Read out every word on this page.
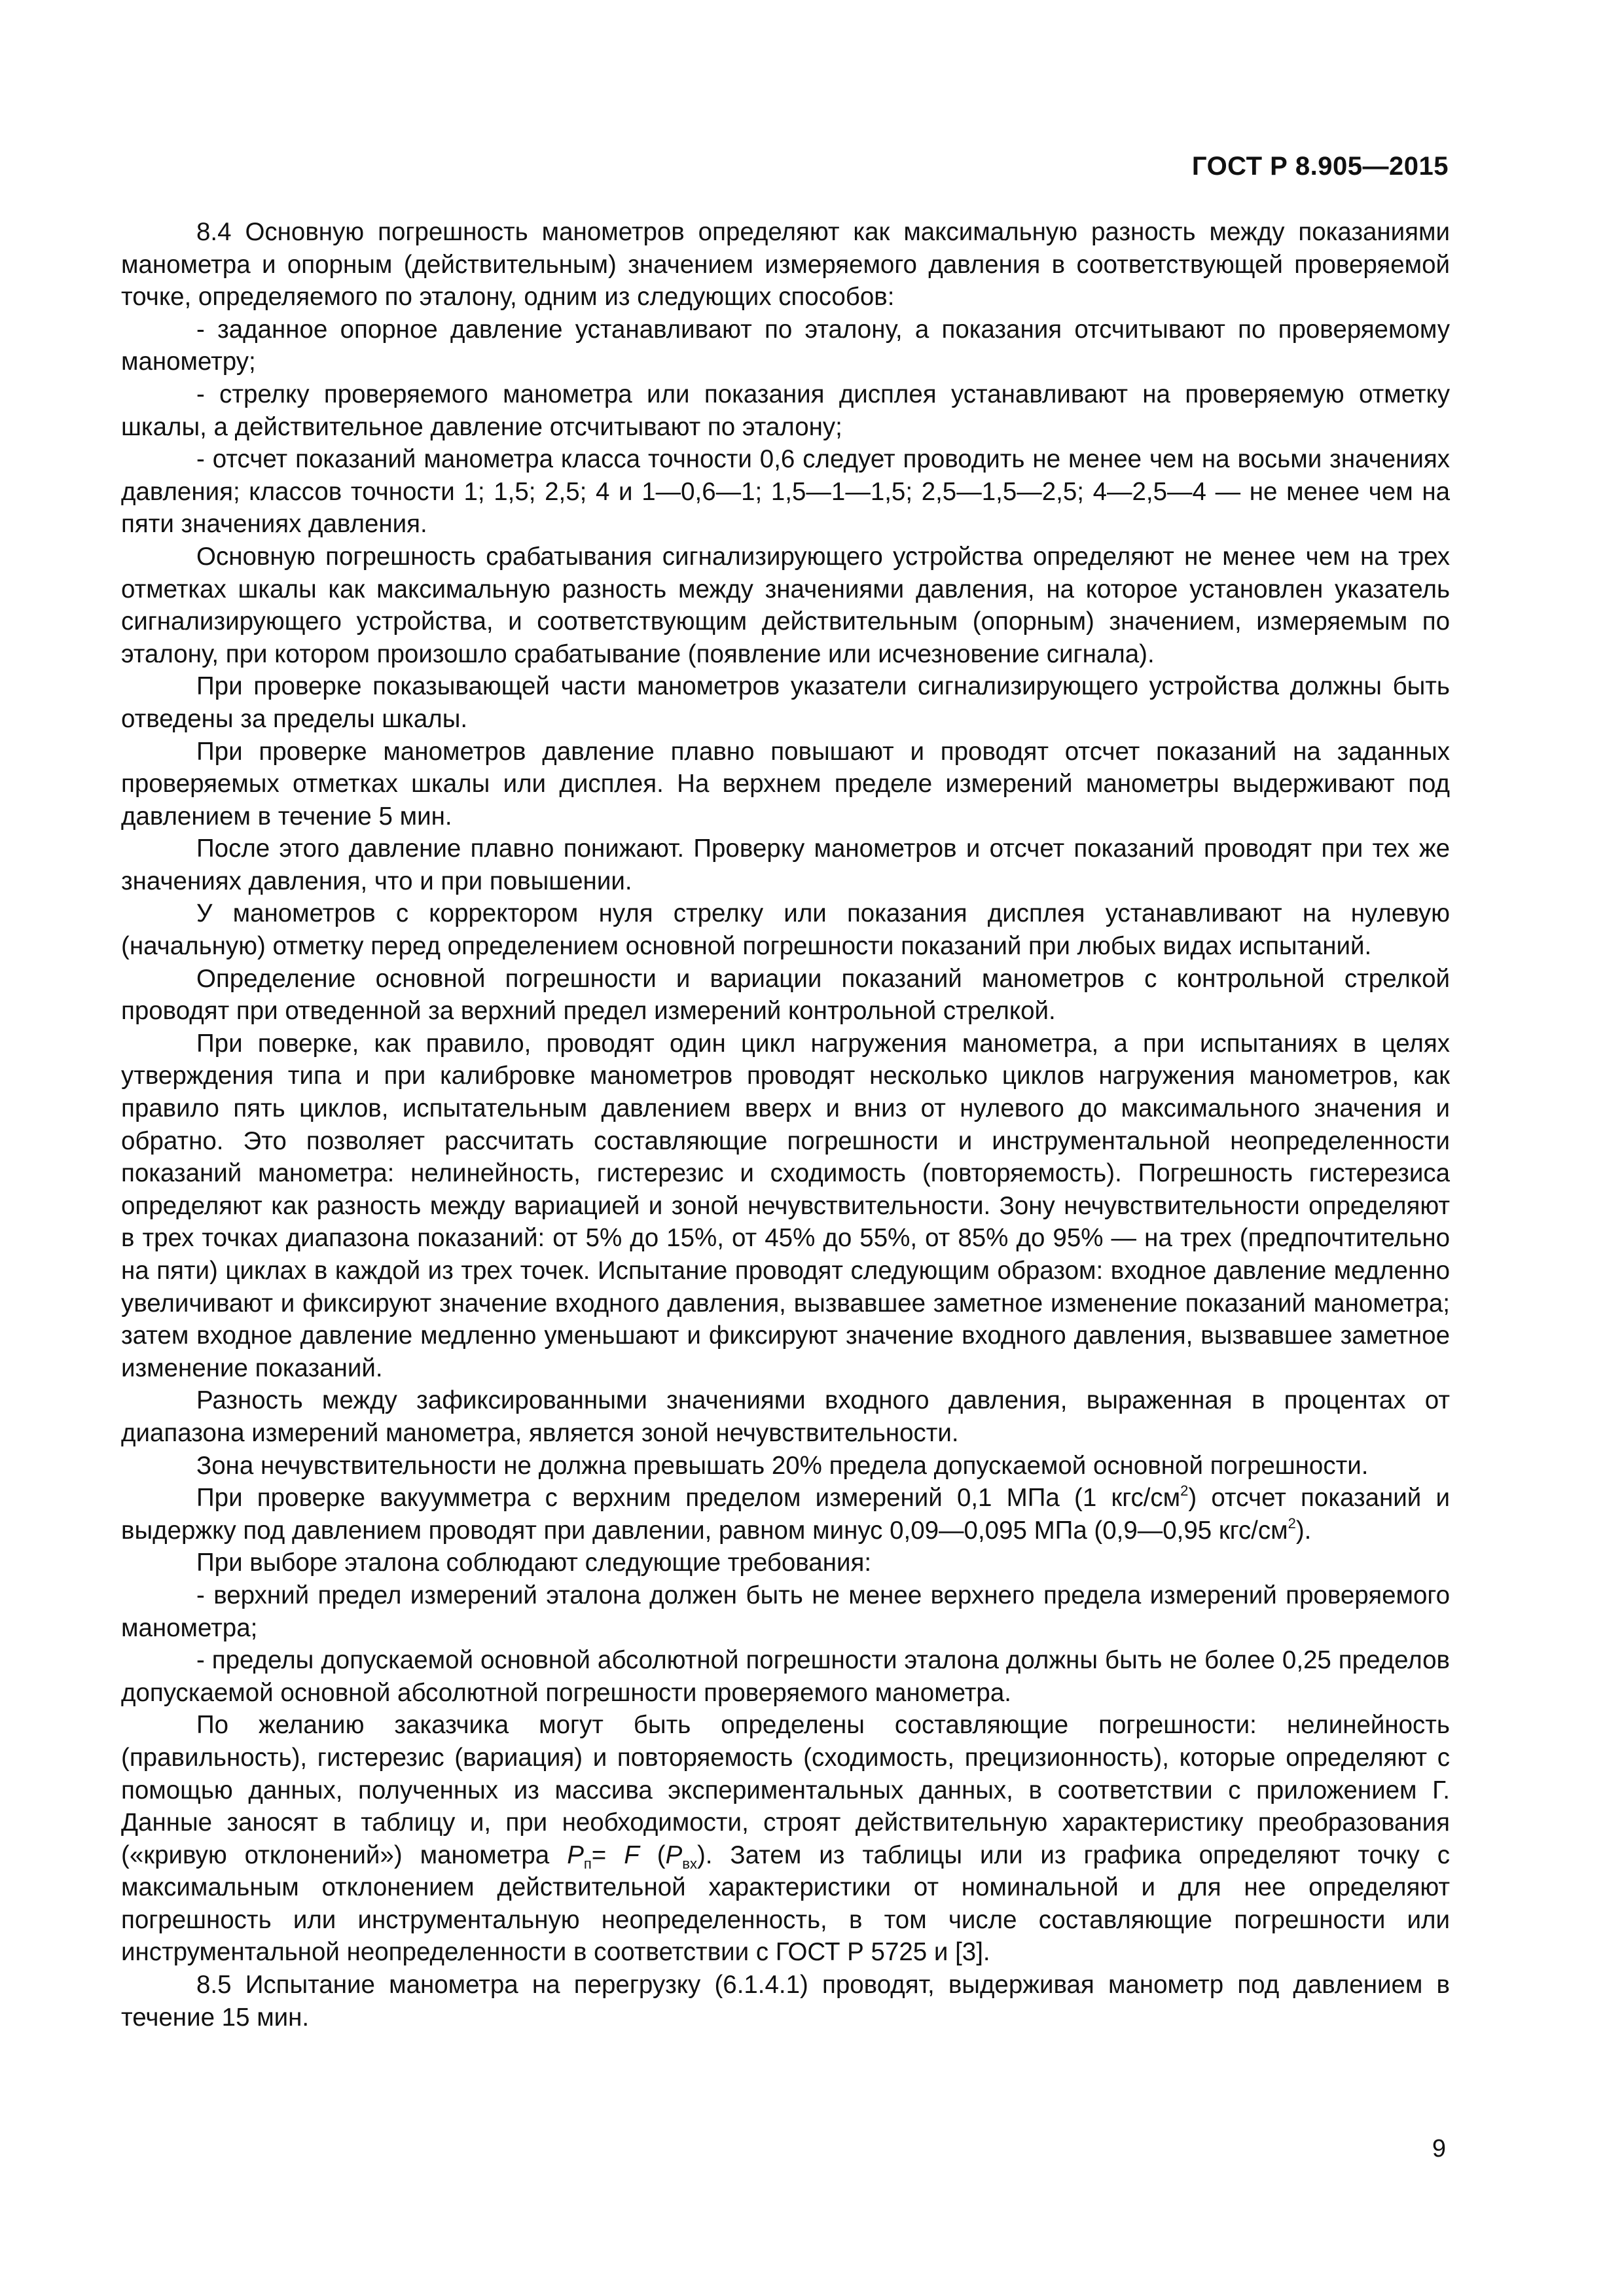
ГОСТ Р 8.905—2015

8.4 Основную погрешность манометров определяют как максимальную разность между показаниями манометра и опорным (действительным) значением измеряемого давления в соответствующей проверяемой точке, определяемого по эталону, одним из следующих способов:

- заданное опорное давление устанавливают по эталону, а показания отсчитывают по проверяемому манометру;

- стрелку проверяемого манометра или показания дисплея устанавливают на проверяемую отметку шкалы, а действительное давление отсчитывают по эталону;

- отсчет показаний манометра класса точности 0,6 следует проводить не менее чем на восьми значениях давления; классов точности 1; 1,5; 2,5; 4 и 1—0,6—1; 1,5—1—1,5; 2,5—1,5—2,5; 4—2,5—4 — не менее чем на пяти значениях давления.

Основную погрешность срабатывания сигнализирующего устройства определяют не менее чем на трех отметках шкалы как максимальную разность между значениями давления, на которое установлен указатель сигнализирующего устройства, и соответствующим действительным (опорным) значением, измеряемым по эталону, при котором произошло срабатывание (появление или исчезновение сигнала).

При проверке показывающей части манометров указатели сигнализирующего устройства должны быть отведены за пределы шкалы.

При проверке манометров давление плавно повышают и проводят отсчет показаний на заданных проверяемых отметках шкалы или дисплея. На верхнем пределе измерений манометры выдерживают под давлением в течение 5 мин.

После этого давление плавно понижают. Проверку манометров и отсчет показаний проводят при тех же значениях давления, что и при повышении.

У манометров с корректором нуля стрелку или показания дисплея устанавливают на нулевую (начальную) отметку перед определением основной погрешности показаний при любых видах испытаний.

Определение основной погрешности и вариации показаний манометров с контрольной стрелкой проводят при отведенной за верхний предел измерений контрольной стрелкой.

При поверке, как правило, проводят один цикл нагружения манометра, а при испытаниях в целях утверждения типа и при калибровке манометров проводят несколько циклов нагружения манометров, как правило пять циклов, испытательным давлением вверх и вниз от нулевого до максимального значения и обратно. Это позволяет рассчитать составляющие погрешности и инструментальной неопределенности показаний манометра: нелинейность, гистерезис и сходимость (повторяемость). Погрешность гистерезиса определяют как разность между вариацией и зоной нечувствительности. Зону нечувствительности определяют в трех точках диапазона показаний: от 5% до 15%, от 45% до 55%, от 85% до 95% — на трех (предпочтительно на пяти) циклах в каждой из трех точек. Испытание проводят следующим образом: входное давление медленно увеличивают и фиксируют значение входного давления, вызвавшее заметное изменение показаний манометра; затем входное давление медленно уменьшают и фиксируют значение входного давления, вызвавшее заметное изменение показаний.

Разность между зафиксированными значениями входного давления, выраженная в процентах от диапазона измерений манометра, является зоной нечувствительности.

Зона нечувствительности не должна превышать 20% предела допускаемой основной погрешности.

При проверке вакуумметра с верхним пределом измерений 0,1 МПа (1 кгс/$см^2$) отсчет показаний и выдержку под давлением проводят при давлении, равном минус 0,09—0,095 МПа (0,9—0,95 кгс/$см^2$).

При выборе эталона соблюдают следующие требования:

- верхний предел измерений эталона должен быть не менее верхнего предела измерений проверяемого манометра;

- пределы допускаемой основной абсолютной погрешности эталона должны быть не более 0,25 пределов допускаемой основной абсолютной погрешности проверяемого манометра.

По желанию заказчика могут быть определены составляющие погрешности: нелинейность (правильность), гистерезис (вариация) и повторяемость (сходимость, прецизионность), которые определяют с помощью данных, полученных из массива экспериментальных данных, в соответствии с приложением Г. Данные заносят в таблицу и, при необходимости, строят действительную характеристику преобразования («кривую отклонений») манометра $P_п= F$ $(P_{вх})$. Затем из таблицы или из графика определяют точку с максимальным отклонением действительной характеристики от номинальной и для нее определяют погрешность или инструментальную неопределенность, в том числе составляющие погрешности или инструментальной неопределенности в соответствии с ГОСТ Р 5725 и [3].

8.5 Испытание манометра на перегрузку (6.1.4.1) проводят, выдерживая манометр под давлением в течение 15 мин.

9
